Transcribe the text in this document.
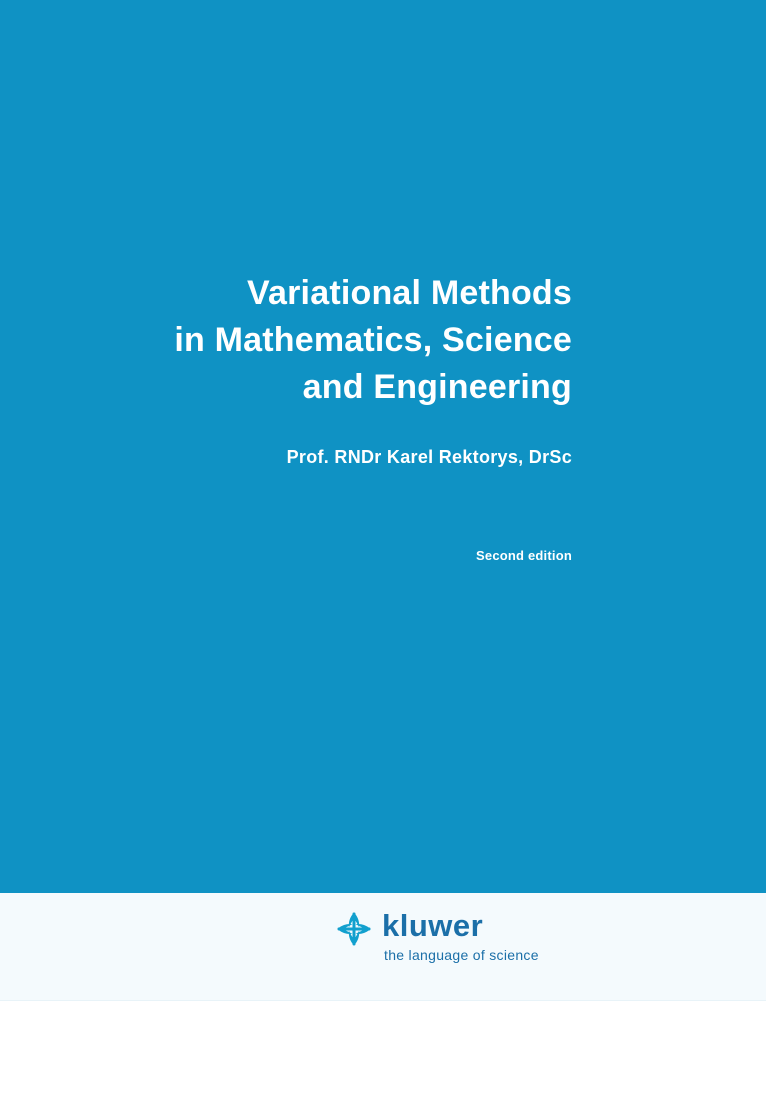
Variational Methods
in Mathematics, Science
and Engineering
Prof. RNDr Karel Rektorys, DrSc
Second edition
kluwer
the language of science
